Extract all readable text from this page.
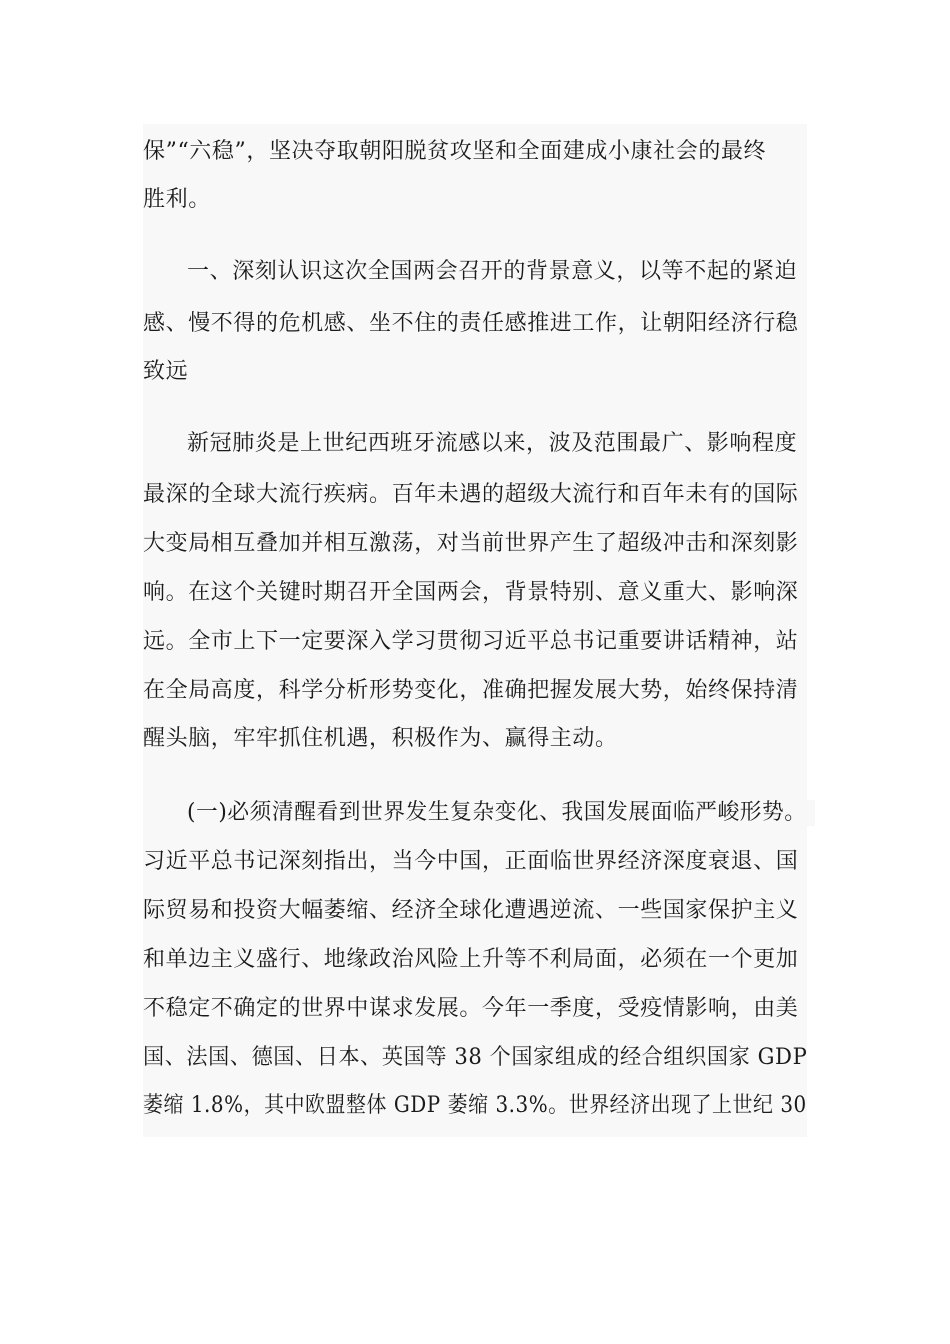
保”“六稳”，坚决夺取朝阳脱贫攻坚和全面建成小康社会的最终
胜利。
一、深刻认识这次全国两会召开的背景意义，以等不起的紧迫
感、慢不得的危机感、坐不住的责任感推进工作，让朝阳经济行稳
致远
新冠肺炎是上世纪西班牙流感以来，波及范围最广、影响程度
最深的全球大流行疾病。百年未遇的超级大流行和百年未有的国际
大变局相互叠加并相互激荡，对当前世界产生了超级冲击和深刻影
响。在这个关键时期召开全国两会，背景特别、意义重大、影响深
远。全市上下一定要深入学习贯彻习近平总书记重要讲话精神，站
在全局高度，科学分析形势变化，准确把握发展大势，始终保持清
醒头脑，牢牢抓住机遇，积极作为、赢得主动。
(一)必须清醒看到世界发生复杂变化、我国发展面临严峻形势。
习近平总书记深刻指出，当今中国，正面临世界经济深度衰退、国
际贸易和投资大幅萎缩、经济全球化遭遇逆流、一些国家保护主义
和单边主义盛行、地缘政治风险上升等不利局面，必须在一个更加
不稳定不确定的世界中谋求发展。今年一季度，受疫情影响，由美
国、法国、德国、日本、英国等 38 个国家组成的经合组织国家 GDP
萎缩 1.8%，其中欧盟整体 GDP 萎缩 3.3%。世界经济出现了上世纪 30
